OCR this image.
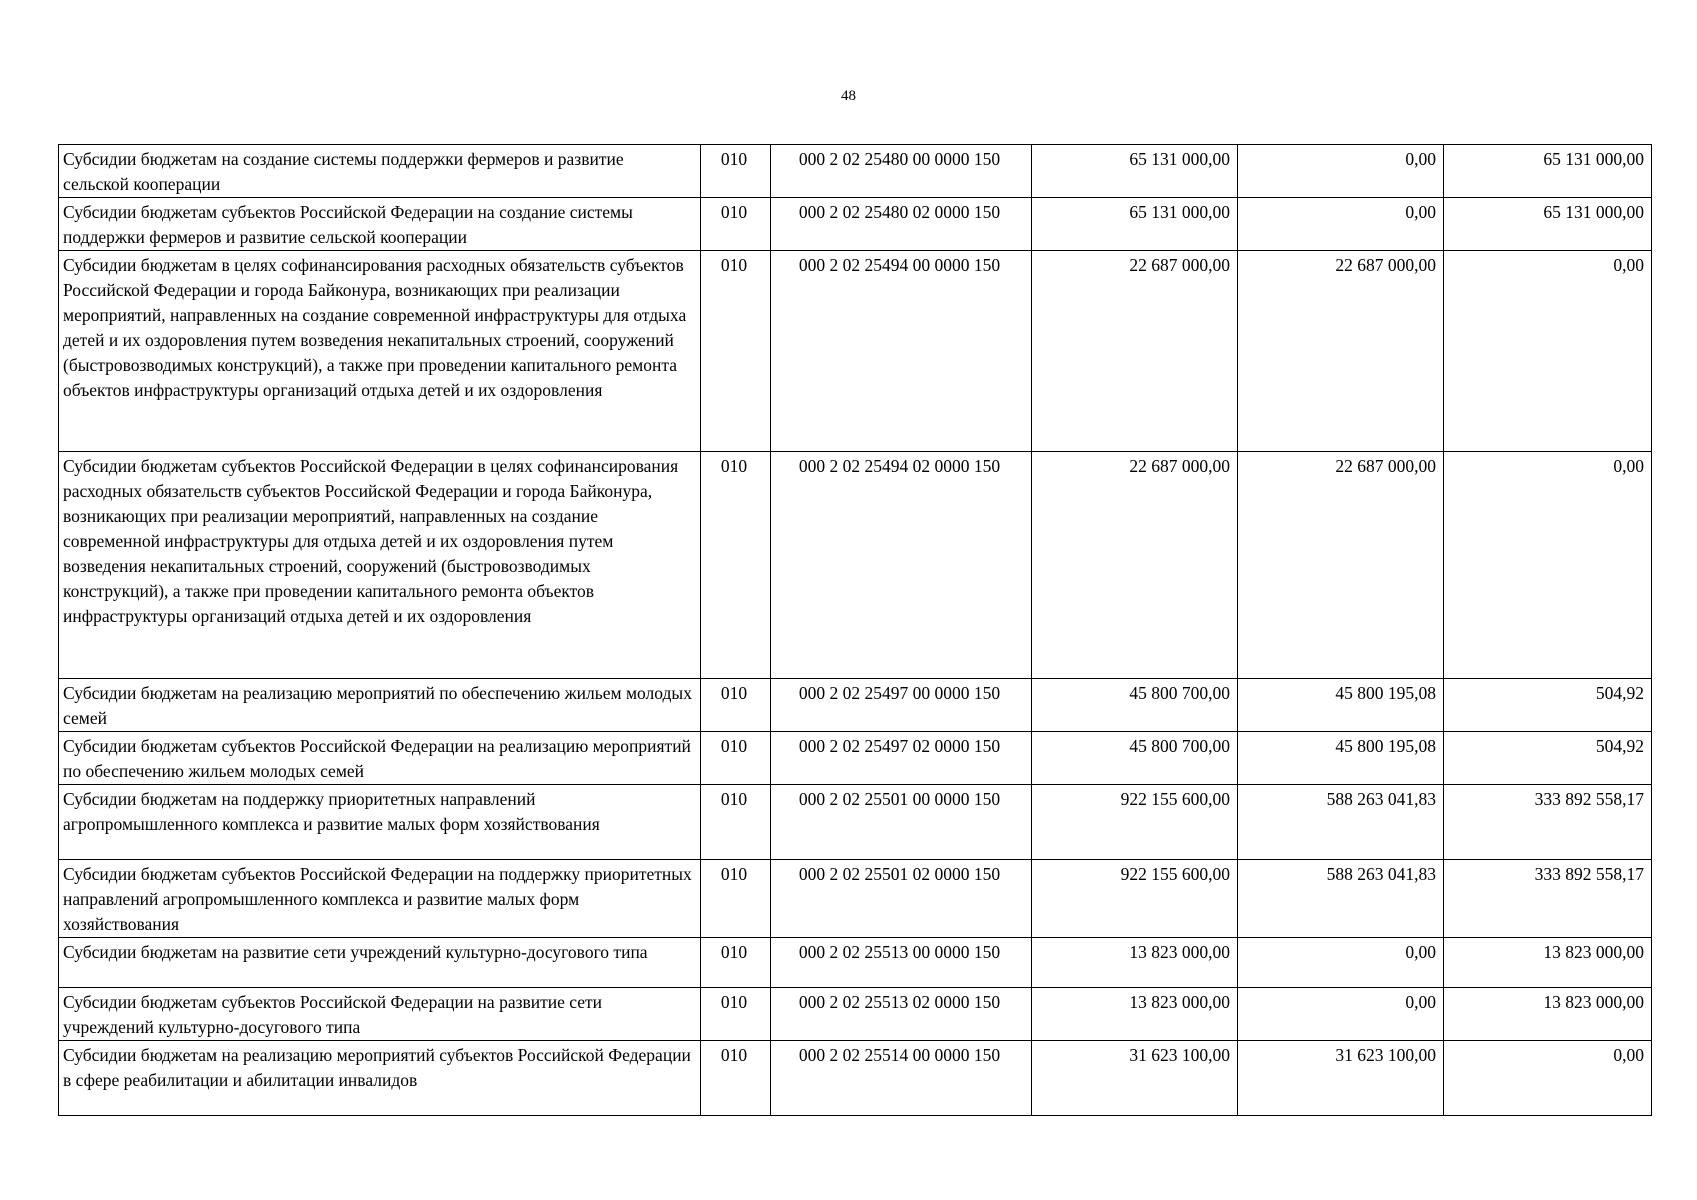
48
Субсидии бюджетам на создание системы поддержки фермеров и развитие сельской кооперации	010	000 2 02 25480 00 0000 150	65 131 000,00	0,00	65 131 000,00
Субсидии бюджетам субъектов Российской Федерации на создание системы поддержки фермеров и развитие сельской кооперации	010	000 2 02 25480 02 0000 150	65 131 000,00	0,00	65 131 000,00
Субсидии бюджетам в целях софинансирования расходных обязательств субъектов Российской Федерации и города Байконура, возникающих при реализации мероприятий, направленных на создание современной инфраструктуры для отдыха детей и их оздоровления путем возведения некапитальных строений, сооружений (быстровозводимых конструкций), а также при проведении капитального ремонта объектов инфраструктуры организаций отдыха детей и их оздоровления	010	000 2 02 25494 00 0000 150	22 687 000,00	22 687 000,00	0,00
Субсидии бюджетам субъектов Российской Федерации в целях софинансирования расходных обязательств субъектов Российской Федерации и города Байконура, возникающих при реализации мероприятий, направленных на создание современной инфраструктуры для отдыха детей и их оздоровления путем возведения некапитальных строений, сооружений (быстровозводимых конструкций), а также при проведении капитального ремонта объектов инфраструктуры организаций отдыха детей и их оздоровления	010	000 2 02 25494 02 0000 150	22 687 000,00	22 687 000,00	0,00
Субсидии бюджетам на реализацию мероприятий по обеспечению жильем молодых семей	010	000 2 02 25497 00 0000 150	45 800 700,00	45 800 195,08	504,92
Субсидии бюджетам субъектов Российской Федерации на реализацию мероприятий по обеспечению жильем молодых семей	010	000 2 02 25497 02 0000 150	45 800 700,00	45 800 195,08	504,92
Субсидии бюджетам на поддержку приоритетных направлений агропромышленного комплекса и развитие малых форм хозяйствования	010	000 2 02 25501 00 0000 150	922 155 600,00	588 263 041,83	333 892 558,17
Субсидии бюджетам субъектов Российской Федерации на поддержку приоритетных направлений агропромышленного комплекса и развитие малых форм хозяйствования	010	000 2 02 25501 02 0000 150	922 155 600,00	588 263 041,83	333 892 558,17
Субсидии бюджетам на развитие сети учреждений культурно-досугового типа	010	000 2 02 25513 00 0000 150	13 823 000,00	0,00	13 823 000,00
Субсидии бюджетам субъектов Российской Федерации на развитие сети учреждений культурно-досугового типа	010	000 2 02 25513 02 0000 150	13 823 000,00	0,00	13 823 000,00
Субсидии бюджетам на реализацию мероприятий субъектов Российской Федерации в сфере реабилитации и абилитации инвалидов	010	000 2 02 25514 00 0000 150	31 623 100,00	31 623 100,00	0,00
